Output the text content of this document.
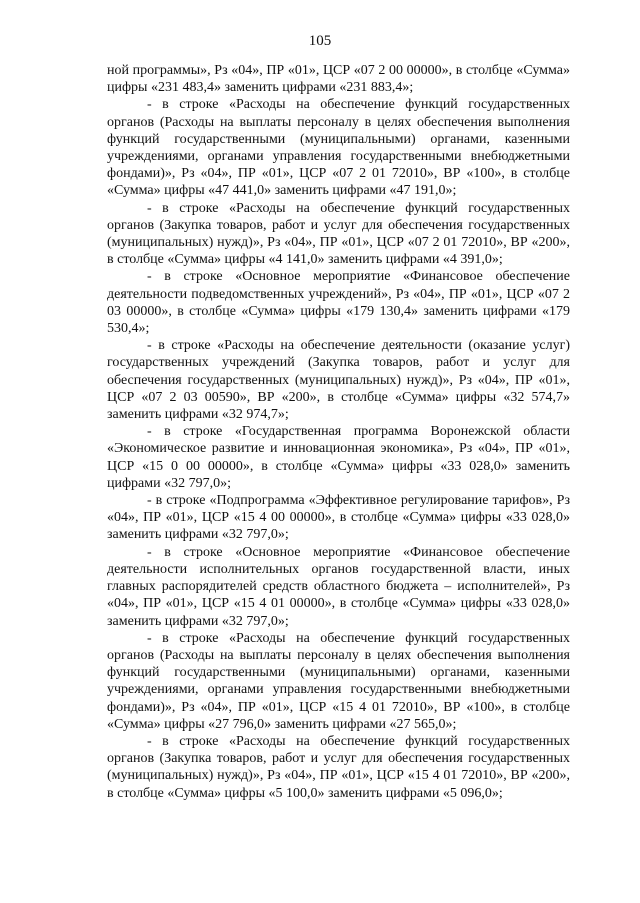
105

ной программы», Рз «04», ПР «01», ЦСР «07 2 00 00000», в столбце «Сумма» цифры «231 483,4» заменить цифрами «231 883,4»;

- в строке «Расходы на обеспечение функций государственных органов (Расходы на выплаты персоналу в целях обеспечения выполнения функций государственными (муниципальными) органами, казенными учреждениями, органами управления государственными внебюджетными фондами)», Рз «04», ПР «01», ЦСР «07 2 01 72010», ВР «100», в столбце «Сумма» цифры «47 441,0» заменить цифрами «47 191,0»;

- в строке «Расходы на обеспечение функций государственных органов (Закупка товаров, работ и услуг для обеспечения государственных (муниципальных) нужд)», Рз «04», ПР «01», ЦСР «07 2 01 72010», ВР «200», в столбце «Сумма» цифры «4 141,0» заменить цифрами «4 391,0»;

- в строке «Основное мероприятие «Финансовое обеспечение деятельности подведомственных учреждений», Рз «04», ПР «01», ЦСР «07 2 03 00000», в столбце «Сумма» цифры «179 130,4» заменить цифрами «179 530,4»;

- в строке «Расходы на обеспечение деятельности (оказание услуг) государственных учреждений (Закупка товаров, работ и услуг для обеспечения государственных (муниципальных) нужд)», Рз «04», ПР «01», ЦСР «07 2 03 00590», ВР «200», в столбце «Сумма» цифры «32 574,7» заменить цифрами «32 974,7»;

- в строке «Государственная программа Воронежской области «Экономическое развитие и инновационная экономика», Рз «04», ПР «01», ЦСР «15 0 00 00000», в столбце «Сумма» цифры «33 028,0» заменить цифрами «32 797,0»;

- в строке «Подпрограмма «Эффективное регулирование тарифов», Рз «04», ПР «01», ЦСР «15 4 00 00000», в столбце «Сумма» цифры «33 028,0» заменить цифрами «32 797,0»;

- в строке «Основное мероприятие «Финансовое обеспечение деятельности исполнительных органов государственной власти, иных главных распорядителей средств областного бюджета – исполнителей», Рз «04», ПР «01», ЦСР «15 4 01 00000», в столбце «Сумма» цифры «33 028,0» заменить цифрами «32 797,0»;

- в строке «Расходы на обеспечение функций государственных органов (Расходы на выплаты персоналу в целях обеспечения выполнения функций государственными (муниципальными) органами, казенными учреждениями, органами управления государственными внебюджетными фондами)», Рз «04», ПР «01», ЦСР «15 4 01 72010», ВР «100», в столбце «Сумма» цифры «27 796,0» заменить цифрами «27 565,0»;

- в строке «Расходы на обеспечение функций государственных органов (Закупка товаров, работ и услуг для обеспечения государственных (муниципальных) нужд)», Рз «04», ПР «01», ЦСР «15 4 01 72010», ВР «200», в столбце «Сумма» цифры «5 100,0» заменить цифрами «5 096,0»;
